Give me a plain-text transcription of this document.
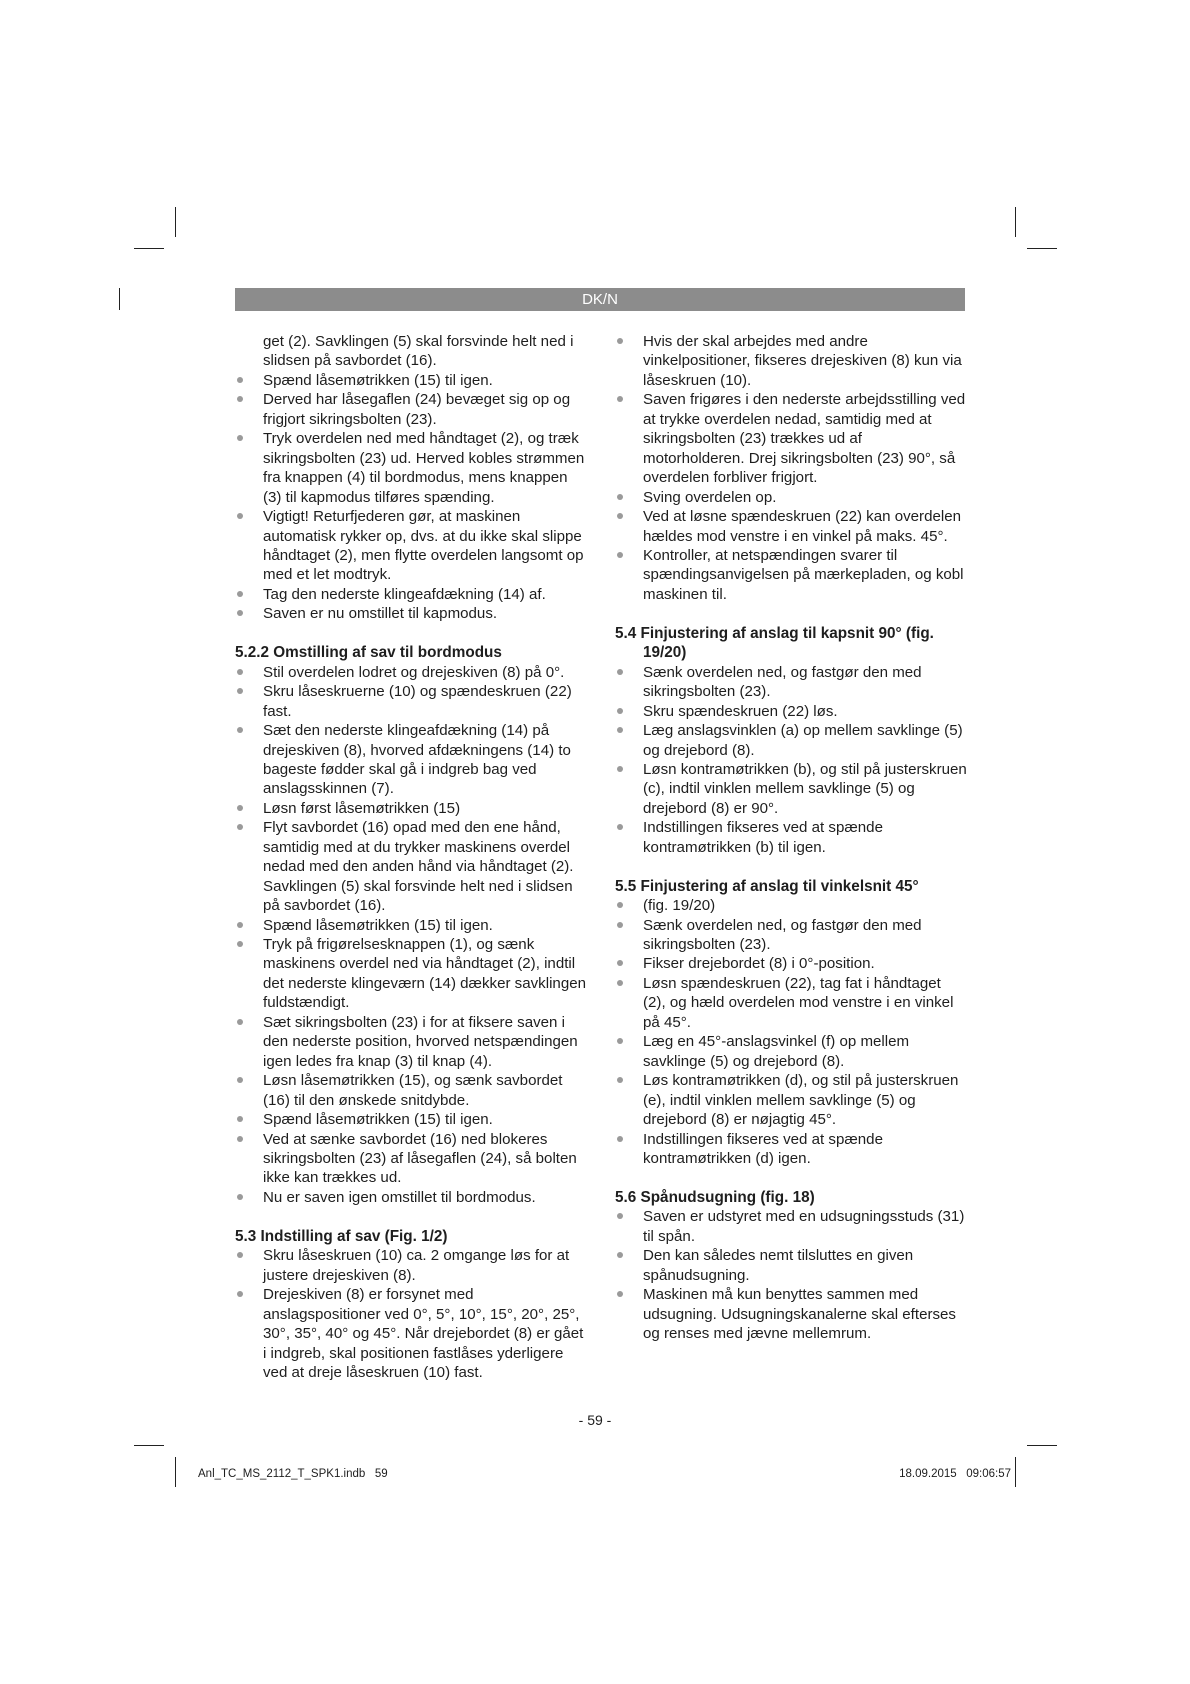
DK/N

get (2). Savklingen (5) skal forsvinde helt ned i slidsen på savbordet (16).

Spænd låsemøtrikken (15) til igen.
Derved har låsegaflen (24) bevæget sig op og frigjort sikringsbolten (23).
Tryk overdelen ned med håndtaget (2), og træk sikringsbolten (23) ud. Herved kobles strømmen fra knappen (4) til bordmodus, mens knappen (3) til kapmodus tilføres spænding.
Vigtigt! Returfjederen gør, at maskinen automatisk rykker op, dvs. at du ikke skal slippe håndtaget (2), men flytte overdelen langsomt op med et let modtryk.
Tag den nederste klingeafdækning (14) af.
Saven er nu omstillet til kapmodus.
5.2.2 Omstilling af sav til bordmodus
Stil overdelen lodret og drejeskiven (8) på 0°.
Skru låseskruerne (10) og spændeskruen (22) fast.
Sæt den nederste klingeafdækning (14) på drejeskiven (8), hvorved afdækningens (14) to bageste fødder skal gå i indgreb bag ved anslagsskinnen (7).
Løsn først låsemøtrikken (15)
Flyt savbordet (16) opad med den ene hånd, samtidig med at du trykker maskinens overdel nedad med den anden hånd via håndtaget (2). Savklingen (5) skal forsvinde helt ned i slidsen på savbordet (16).
Spænd låsemøtrikken (15) til igen.
Tryk på frigørelsesknappen (1), og sænk maskinens overdel ned via håndtaget (2), indtil det nederste klingeværn (14) dækker savklingen fuldstændigt.
Sæt sikringsbolten (23) i for at fiksere saven i den nederste position, hvorved netspændingen igen ledes fra knap (3) til knap (4).
Løsn låsemøtrikken (15), og sænk savbordet (16) til den ønskede snitdybde.
Spænd låsemøtrikken (15) til igen.
Ved at sænke savbordet (16) ned blokeres sikringsbolten (23) af låsegaflen (24), så bolten ikke kan trækkes ud.
Nu er saven igen omstillet til bordmodus.
5.3 Indstilling af sav (Fig. 1/2)
Skru låseskruen (10) ca. 2 omgange løs for at justere drejeskiven (8).
Drejeskiven (8) er forsynet med anslagspositioner ved 0°, 5°, 10°, 15°, 20°, 25°, 30°, 35°, 40° og 45°. Når drejebordet (8) er gået i indgreb, skal positionen fastlåses yderligere ved at dreje låseskruen (10) fast.
Hvis der skal arbejdes med andre vinkelpositioner, fikseres drejeskiven (8) kun via låseskruen (10).
Saven frigøres i den nederste arbejdsstilling ved at trykke overdelen nedad, samtidig med at sikringsbolten (23) trækkes ud af motorholderen. Drej sikringsbolten (23) 90°, så overdelen forbliver frigjort.
Sving overdelen op.
Ved at løsne spændeskruen (22) kan overdelen hældes mod venstre i en vinkel på maks. 45°.
Kontroller, at netspændingen svarer til spændingsanvigelsen på mærkepladen, og kobl maskinen til.
5.4 Finjustering af anslag til kapsnit 90° (fig. 19/20)
Sænk overdelen ned, og fastgør den med sikringsbolten (23).
Skru spændeskruen (22) løs.
Læg anslagsvinklen (a) op mellem savklinge (5) og drejebord (8).
Løsn kontramøtrikken (b), og stil på justerskruen (c), indtil vinklen mellem savklinge (5) og drejebord (8) er 90°.
Indstillingen fikseres ved at spænde kontramøtrikken (b) til igen.
5.5 Finjustering af anslag til vinkelsnit 45°
(fig. 19/20)
Sænk overdelen ned, og fastgør den med sikringsbolten (23).
Fikser drejebordet (8) i 0°-position.
Løsn spændeskruen (22), tag fat i håndtaget (2), og hæld overdelen mod venstre i en vinkel på 45°.
Læg en 45°-anslagsvinkel (f) op mellem savklinge (5) og drejebord (8).
Løs kontramøtrikken (d), og stil på justerskruen (e), indtil vinklen mellem savklinge (5) og drejebord (8) er nøjagtig 45°.
Indstillingen fikseres ved at spænde kontramøtrikken (d) igen.
5.6 Spånudsugning (fig. 18)
Saven er udstyret med en udsugningsstuds (31) til spån.
Den kan således nemt tilsluttes en given spånudsugning.
Maskinen må kun benyttes sammen med udsugning. Udsugningskanalerne skal efterses og renses med jævne mellemrum.
- 59 -
Anl_TC_MS_2112_T_SPK1.indb   59	18.09.2015   09:06:57
